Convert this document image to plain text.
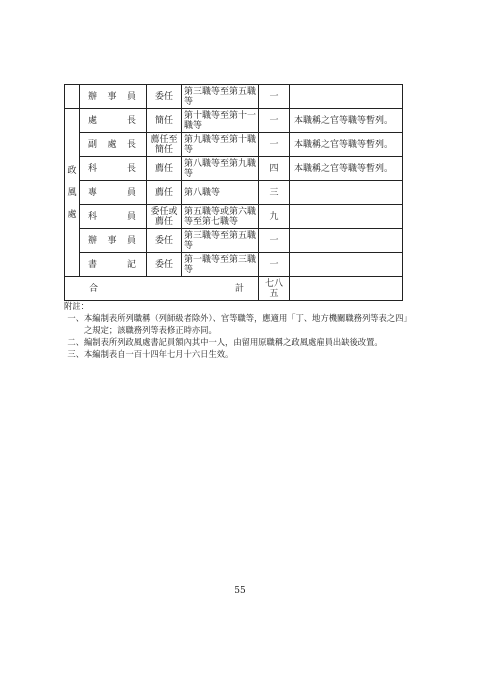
	辦事員	委任	第三職等至第五職等	一	

政
風
處	處長	簡任	第十職等至第十一職等	一	本職稱之官等職等暫列。
	副處長	薦任至簡任	第九職等至第十職等	一	本職稱之官等職等暫列。
	科長	薦任	第八職等至第九職等	四	本職稱之官等職等暫列。
	專員	薦任	第八職等	三	
	科員	委任或薦任	第五職等或第六職等至第七職等	九	
	辦事員	委任	第三職等至第五職等	一	
	書記	委任	第一職等至第三職等	一	
合計				七八五	
附註：
一、本編制表所列職稱（列師級者除外）、官等職等，應適用「丁、地方機關職務列等表之四」之規定；該職務列等表修正時亦同。
二、編制表所列政風處書記員額內其中一人，由留用原職稱之政風處雇員出缺後改置。
三、本編制表自一百十四年七月十六日生效。
55
